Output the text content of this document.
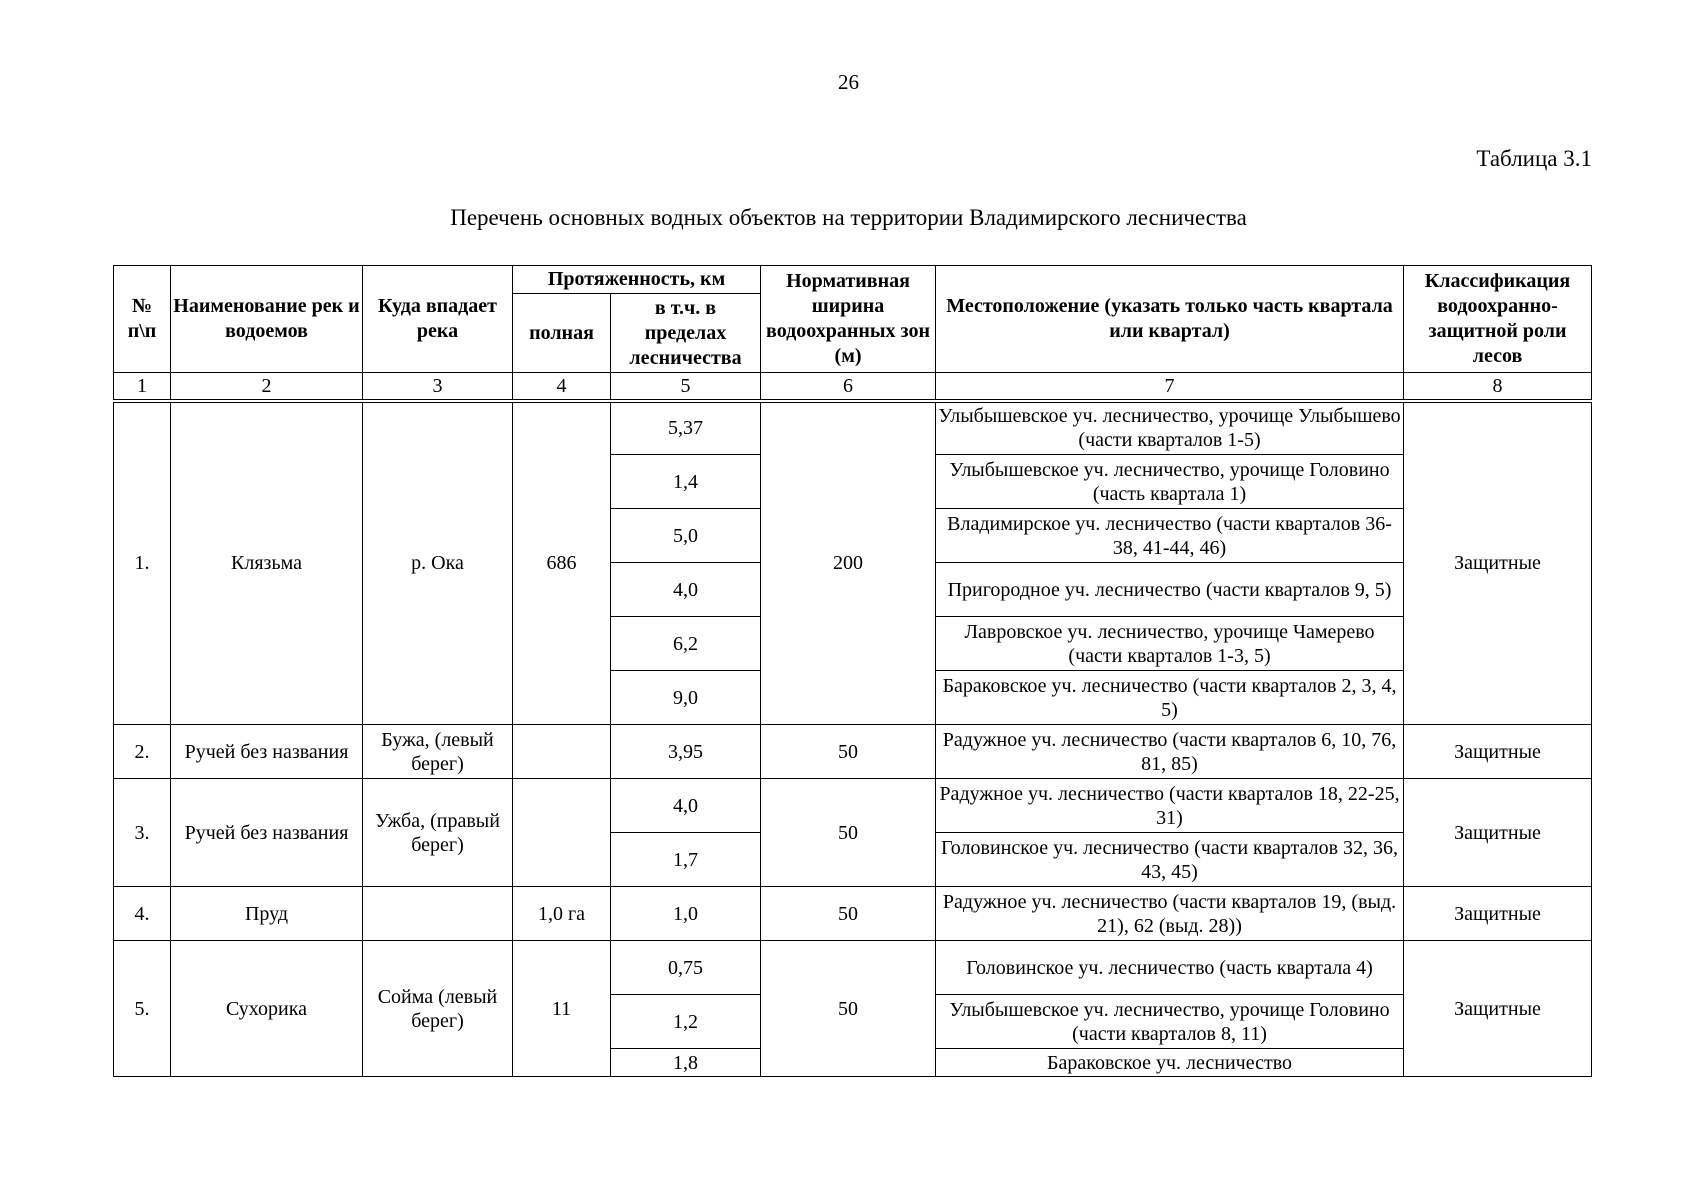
26
Таблица 3.1
Перечень основных водных объектов на территории Владимирского лесничества
№ п\п	Наименование рек и водоемов	Куда впадает река	Протяженность, км		Нормативная ширина водоохранных зон (м)	Местоположение (указать только часть квартала или квартал)	Классификация водоохранно-защитной роли лесов
			полная	в т.ч. в пределах лесничества			
1	2	3	4	5	6	7	8
1.	Клязьма	р. Ока	686	5,37	200	Улыбышевское уч. лесничество, урочище Улыбышево (части кварталов 1-5)	Защитные
				1,4		Улыбышевское уч. лесничество, урочище Головино (часть квартала 1)	
				5,0		Владимирское уч. лесничество (части кварталов 36-38, 41-44, 46)	
				4,0		Пригородное уч. лесничество (части кварталов 9, 5)	
				6,2		Лавровское уч. лесничество, урочище Чамерево (части кварталов 1-3, 5)	
				9,0		Бараковское уч. лесничество (части кварталов 2, 3, 4, 5)	
2.	Ручей без названия	Бужа, (левый берег)		3,95	50	Радужное уч. лесничество (части кварталов 6, 10, 76, 81, 85)	Защитные
3.	Ручей без названия	Ужба, (правый берег)		4,0	50	Радужное уч. лесничество (части кварталов 18, 22-25, 31)	Защитные
				1,7		Головинское уч. лесничество (части кварталов 32, 36, 43, 45)	
4.	Пруд		1,0 га	1,0	50	Радужное уч. лесничество (части кварталов 19, (выд. 21), 62 (выд. 28))	Защитные
5.	Сухорика	Сойма (левый берег)	11	0,75	50	Головинское уч. лесничество (часть квартала 4)	Защитные
				1,2		Улыбышевское уч. лесничество, урочище Головино (части кварталов 8, 11)	
				1,8		Бараковское уч. лесничество	
